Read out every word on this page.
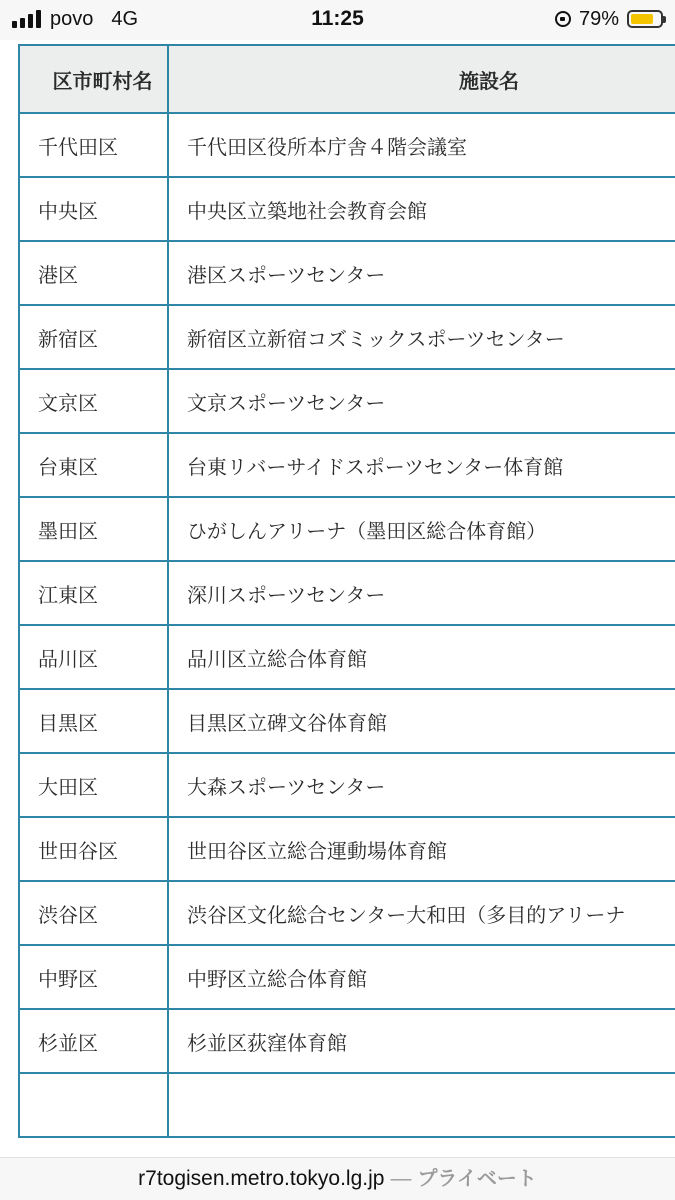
povo 4G	11:25	79%
区市町村名	施設名
千代田区	千代田区役所本庁舎４階会議室
中央区	中央区立築地社会教育会館
港区	港区スポーツセンター
新宿区	新宿区立新宿コズミックスポーツセンター
文京区	文京スポーツセンター
台東区	台東リバーサイドスポーツセンター体育館
墨田区	ひがしんアリーナ（墨田区総合体育館）
江東区	深川スポーツセンター
品川区	品川区立総合体育館
目黒区	目黒区立碑文谷体育館
大田区	大森スポーツセンター
世田谷区	世田谷区立総合運動場体育館
渋谷区	渋谷区文化総合センター大和田（多目的アリーナ
中野区	中野区立総合体育館
杉並区	杉並区荻窪体育館

r7togisen.metro.tokyo.lg.jp — プライベート
